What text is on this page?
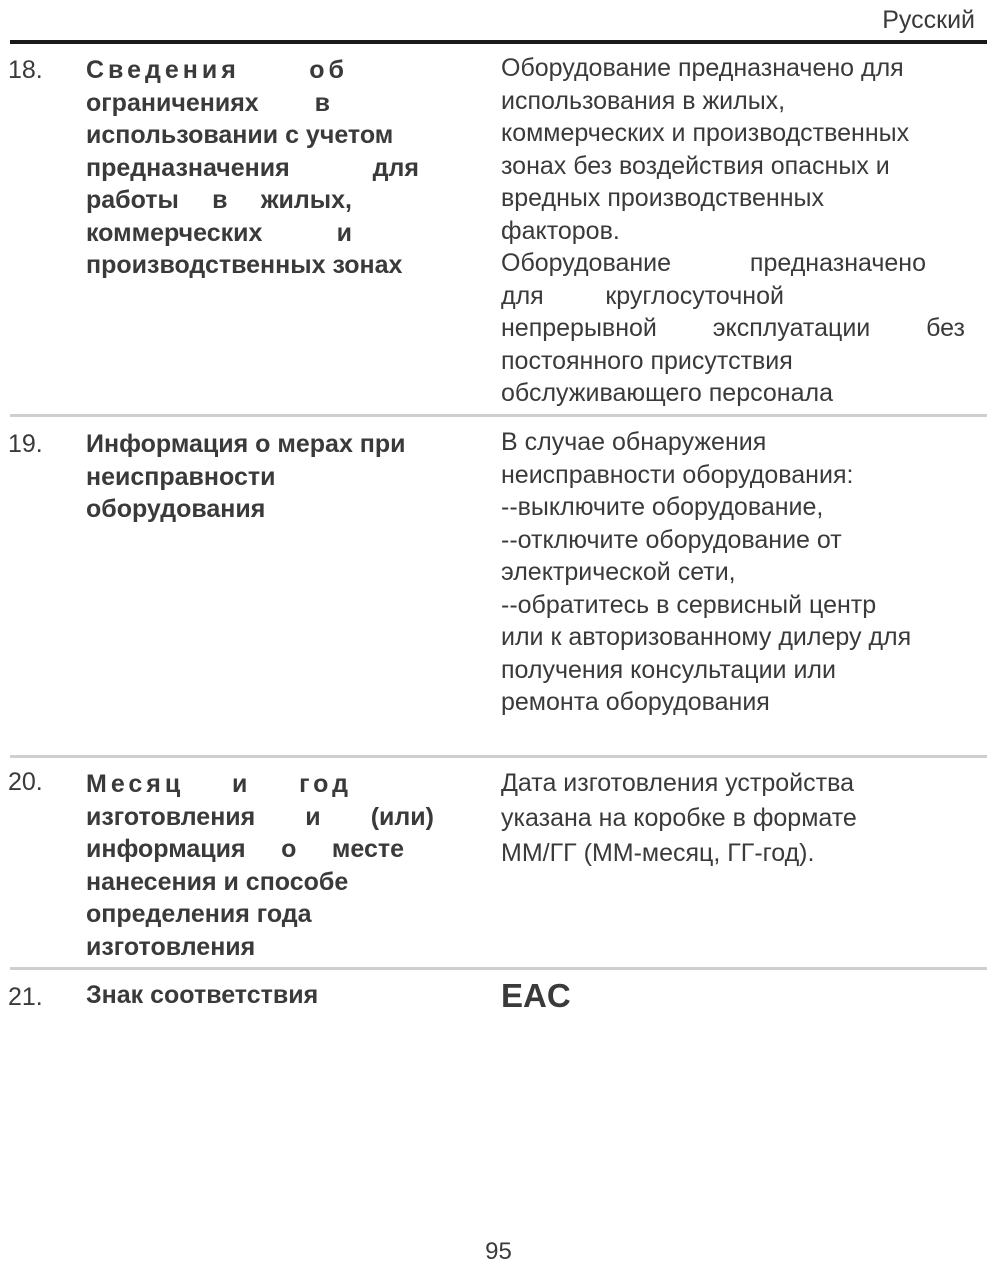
Русский
18. Сведения об
ограничениях в
использовании с учетом
предназначения для
работы в жилых,
коммерческих и
производственных зонах
Оборудование предназначено для
использования в жилых,
коммерческих и производственных
зонах без воздействия опасных и
вредных производственных
факторов.
Оборудование предназначено
для круглосуточной
непрерывной эксплуатации без
постоянного присутствия
обслуживающего персонала
19. Информация о мерах при
неисправности
оборудования
В случае обнаружения
неисправности оборудования:
--выключите оборудование,
--отключите оборудование от
электрической сети,
--обратитесь в сервисный центр
или к авторизованному дилеру для
получения консультации или
ремонта оборудования
20. Месяц и год
изготовления и (или)
информация о месте
нанесения и способе
определения года
изготовления
Дата изготовления устройства
указана на коробке в формате
ММ/ГГ (ММ-месяц, ГГ-год).
21. Знак соответствия	EAC
95
